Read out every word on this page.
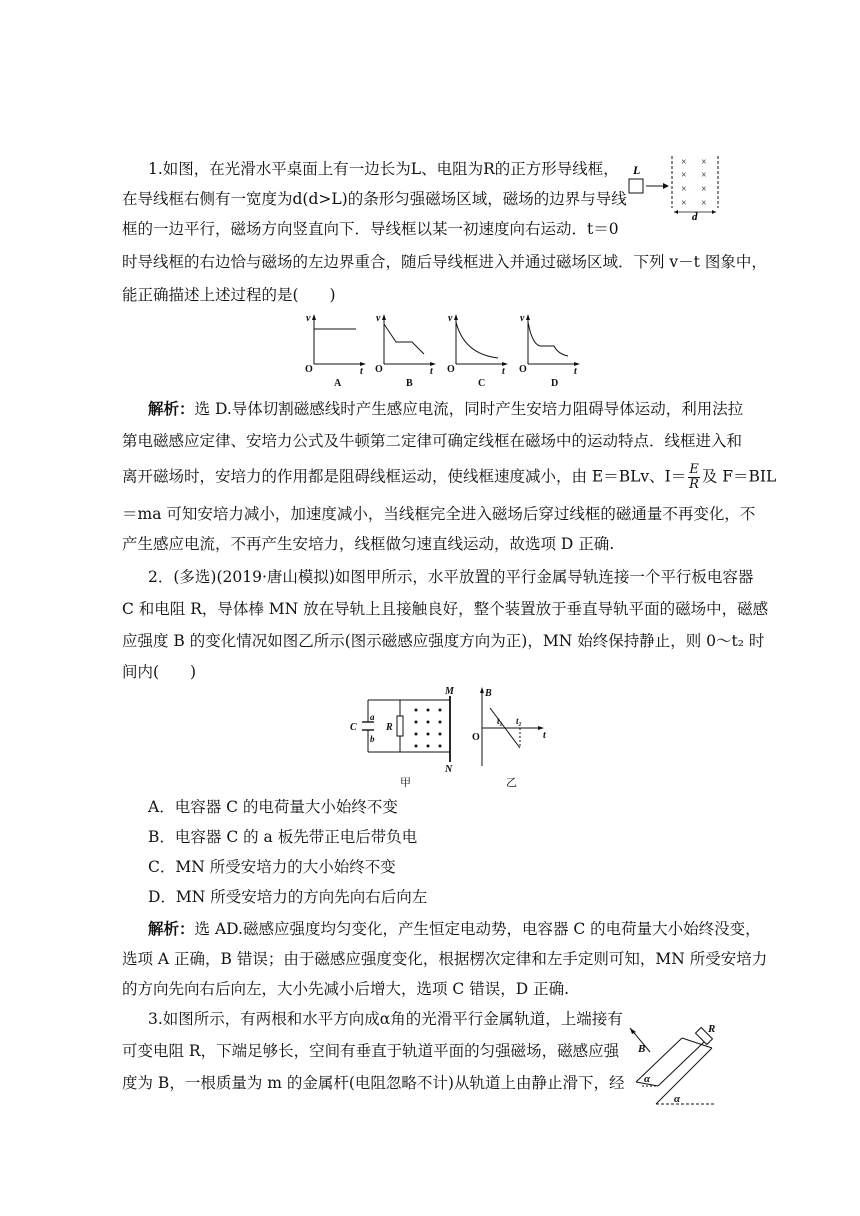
1.如图，在光滑水平桌面上有一边长为L、电阻为R的正方形导线框，
在导线框右侧有一宽度为d(d>L)的条形匀强磁场区域，磁场的边界与导线
框的一边平行，磁场方向竖直向下．导线框以某一初速度向右运动．t＝0
时导线框的右边恰与磁场的左边界重合，随后导线框进入并通过磁场区域．下列 v－t 图象中，
能正确描述上述过程的是(　　)
L
× ×
× ×
× ×
× ×
d
v
t
O
v
t
O
v
t
O
v
t
O
A	B	C	D
解析：选 D.导体切割磁感线时产生感应电流，同时产生安培力阻碍导体运动，利用法拉
第电磁感应定律、安培力公式及牛顿第二定律可确定线框在磁场中的运动特点．线框进入和
离开磁场时，安培力的作用都是阻碍线框运动，使线框速度减小，由 E＝BLv、$I= \frac{E}{R}$ 及 F＝BIL
＝ma 可知安培力减小，加速度减小，当线框完全进入磁场后穿过线框的磁通量不再变化，不
产生感应电流，不再产生安培力，线框做匀速直线运动，故选项 D 正确.
2．(多选)(2019·唐山模拟)如图甲所示，水平放置的平行金属导轨连接一个平行板电容器
C 和电阻 R，导体棒 MN 放在导轨上且接触良好，整个装置放于垂直导轨平面的磁场中，磁感
应强度 B 的变化情况如图乙所示(图示磁感应强度方向为正)，MN 始终保持静止，则 0～t₂ 时
间内(　　)
C
a
b
R
M
N
B
O	t
t₁ t₂
甲	乙
A．电容器 C 的电荷量大小始终不变
B．电容器 C 的 a 板先带正电后带负电
C．MN 所受安培力的大小始终不变
D．MN 所受安培力的方向先向右后向左
解析：选 AD.磁感应强度均匀变化，产生恒定电动势，电容器 C 的电荷量大小始终没变，
选项 A 正确，B 错误；由于磁感应强度变化，根据楞次定律和左手定则可知，MN 所受安培力
的方向先向右后向左，大小先减小后增大，选项 C 错误，D 正确.
3.如图所示，有两根和水平方向成α角的光滑平行金属轨道，上端接有
可变电阻 R，下端足够长，空间有垂直于轨道平面的匀强磁场，磁感应强
度为 B，一根质量为 m 的金属杆(电阻忽略不计)从轨道上由静止滑下，经

R
B
α
α
